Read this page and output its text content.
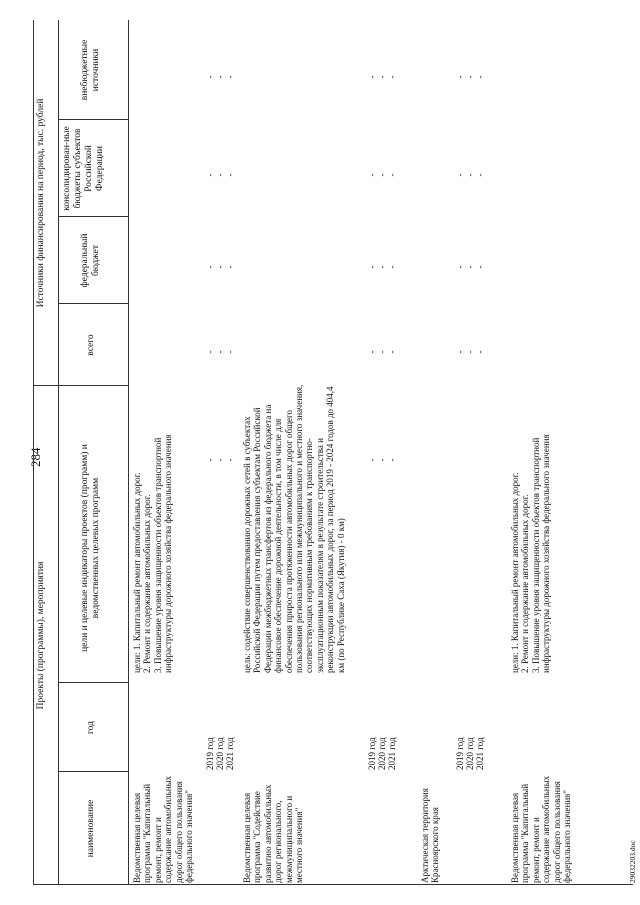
284
Проекты (программы), мероприятия
Источники финансирования на период, тыс. рублей
наименование
год
цели и целевые индикаторы проектов (программ) и ведомственных целевых программ
всего
федеральный бюджет
консолидирован-ные бюджеты субъектов Российской Федерации
внебюджетные источники
Ведомственная целевая программа "Капитальный ремонт, ремонт и содержание автомобильных дорог общего пользования федерального значения"
цели: 1. Капитальный ремонт автомобильных дорог.
2. Ремонт и содержание автомобильных дорог.
3. Повышение уровня защищенности объектов транспортной инфраструктуры дорожного хозяйства федерального значения
2019 год 2020 год 2021 год
Ведомственная целевая программа "Содействие развитию автомобильных дорог регионального, межмуниципального и местного значения"
цель: содействие совершенствованию дорожных сетей в субъектах Российской Федерации путем предоставления субъектам Российской Федерации межбюджетных трансфертов из федерального бюджета на финансовое обеспечение дорожной деятельности, в том числе для обеспечения прироста протяженности автомобильных дорог общего пользования регионального или межмуниципального и местного значения, соответствующих нормативным требованиям к транспортно-эксплуатационным показателям в результате строительства и реконструкции автомобильных дорог, за период 2019 - 2024 годов до 404,4 км (по Республике Саха (Якутия) - 0 км)
2019 год 2020 год 2021 год
Арктическая территория Красноярского края
2019 год 2020 год 2021 год
Ведомственная целевая программа "Капитальный ремонт, ремонт и содержание автомобильных дорог общего пользования федерального значения"
цели: 1. Капитальный ремонт автомобильных дорог.
2. Ремонт и содержание автомобильных дорог.
3. Повышение уровня защищенности объектов транспортной инфраструктуры дорожного хозяйства федерального значения
-
-
-
-
-
-
-
-
-
-
-
-
-
-
-
-
-
-
-
-
-
-
-
-
-
-
-
-
-
-
-
-
-
-
-
-
-
-
-
-
-
-
29032203.doc
